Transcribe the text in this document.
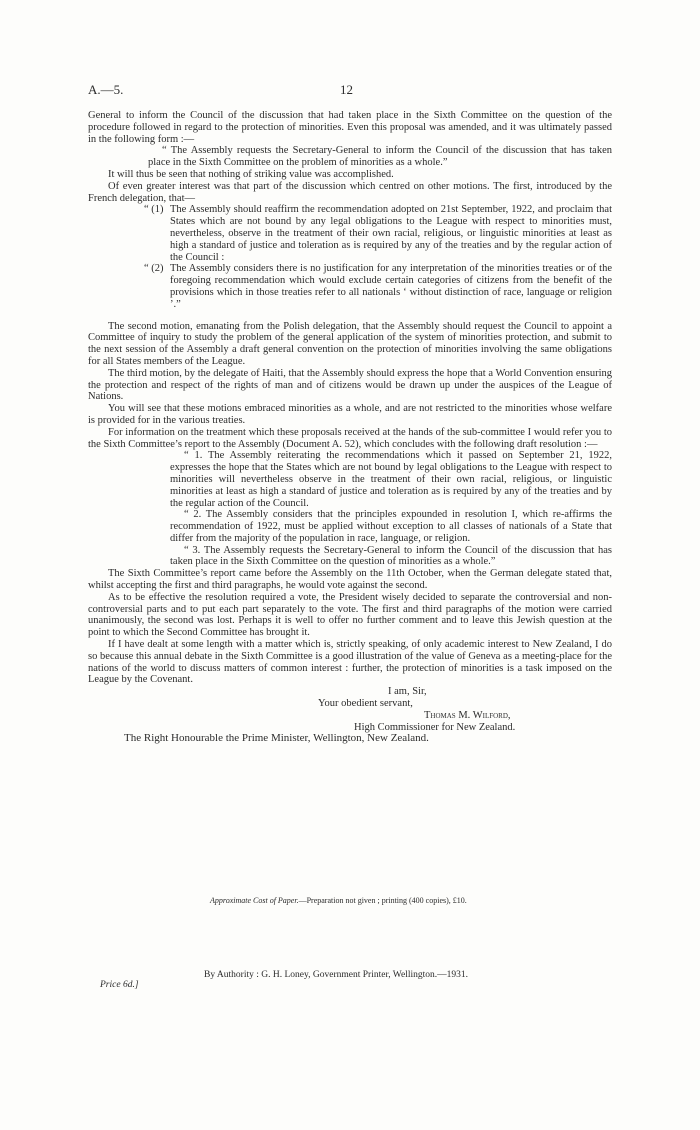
A.—5.	12

General to inform the Council of the discussion that had taken place in the Sixth Committee on the question of the procedure followed in regard to the protection of minorities. Even this proposal was amended, and it was ultimately passed in the following form :—

“ The Assembly requests the Secretary-General to inform the Council of the discussion that has taken place in the Sixth Committee on the problem of minorities as a whole.”

It will thus be seen that nothing of striking value was accomplished.

Of even greater interest was that part of the discussion which centred on other motions. The first, introduced by the French delegation, that—

“ (1) The Assembly should reaffirm the recommendation adopted on 21st September, 1922, and proclaim that States which are not bound by any legal obligations to the League with respect to minorities must, nevertheless, observe in the treatment of their own racial, religious, or linguistic minorities at least as high a standard of justice and toleration as is required by any of the treaties and by the regular action of the Council :
“ (2) The Assembly considers there is no justification for any interpretation of the minorities treaties or of the foregoing recommendation which would exclude certain categories of citizens from the benefit of the provisions which in those treaties refer to all nationals ‘ without distinction of race, language or religion ’.”

The second motion, emanating from the Polish delegation, that the Assembly should request the Council to appoint a Committee of inquiry to study the problem of the general application of the system of minorities protection, and submit to the next session of the Assembly a draft general convention on the protection of minorities involving the same obligations for all States members of the League.

The third motion, by the delegate of Haiti, that the Assembly should express the hope that a World Convention ensuring the protection and respect of the rights of man and of citizens would be drawn up under the auspices of the League of Nations.

You will see that these motions embraced minorities as a whole, and are not restricted to the minorities whose welfare is provided for in the various treaties.

For information on the treatment which these proposals received at the hands of the sub-committee I would refer you to the Sixth Committee’s report to the Assembly (Document A. 52), which concludes with the following draft resolution :—

“ 1. The Assembly reiterating the recommendations which it passed on September 21, 1922, expresses the hope that the States which are not bound by legal obligations to the League with respect to minorities will nevertheless observe in the treatment of their own racial, religious, or linguistic minorities at least as high a standard of justice and toleration as is required by any of the treaties and by the regular action of the Council.

“ 2. The Assembly considers that the principles expounded in resolution I, which re-affirms the recommendation of 1922, must be applied without exception to all classes of nationals of a State that differ from the majority of the population in race, language, or religion.

“ 3. The Assembly requests the Secretary-General to inform the Council of the discussion that has taken place in the Sixth Committee on the question of minorities as a whole.”

The Sixth Committee’s report came before the Assembly on the 11th October, when the German delegate stated that, whilst accepting the first and third paragraphs, he would vote against the second.

As to be effective the resolution required a vote, the President wisely decided to separate the controversial and non-controversial parts and to put each part separately to the vote. The first and third paragraphs of the motion were carried unanimously, the second was lost. Perhaps it is well to offer no further comment and to leave this Jewish question at the point to which the Second Committee has brought it.

If I have dealt at some length with a matter which is, strictly speaking, of only academic interest to New Zealand, I do so because this annual debate in the Sixth Committee is a good illustration of the value of Geneva as a meeting-place for the nations of the world to discuss matters of common interest : further, the protection of minorities is a task imposed on the League by the Covenant.

I am, Sir,
Your obedient servant,
Thomas M. Wilford,
High Commissioner for New Zealand.

The Right Honourable the Prime Minister, Wellington, New Zealand.

Approximate Cost of Paper.—Preparation not given ; printing (400 copies), £10.
By Authority : G. H. Loney, Government Printer, Wellington.—1931.
Price 6d.]
